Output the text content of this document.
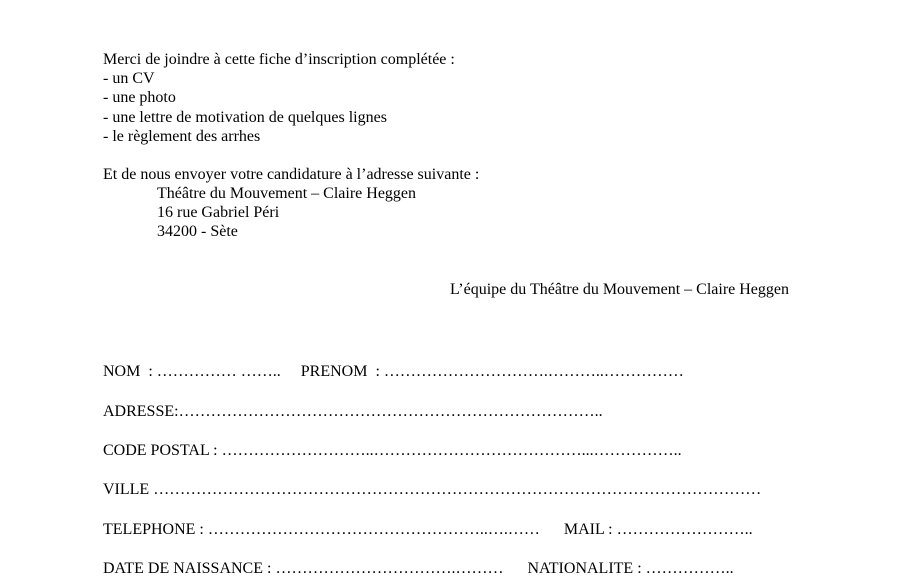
Merci de joindre à cette fiche d’inscription complétée :
- un CV
- une photo
- une lettre de motivation de quelques lignes
- le règlement des arrhes
Et de nous envoyer votre candidature à l’adresse suivante :
Théâtre du Mouvement – Claire Heggen
16 rue Gabriel Péri
34200 - Sète
L’équipe du Théâtre du Mouvement – Claire Heggen
NOM  : …………… ……..     PRENOM  : ………………………….………..……………
ADRESSE:……………………………………………………………………..
CODE POSTAL : ………………………..…………………………………...……………..
VILLE ……………………………………………………………………………………………………
TELEPHONE : ……………………………………………..….……      MAIL : ……………………..
DATE DE NAISSANCE : …………………………….………      NATIONALITE : ……………..
